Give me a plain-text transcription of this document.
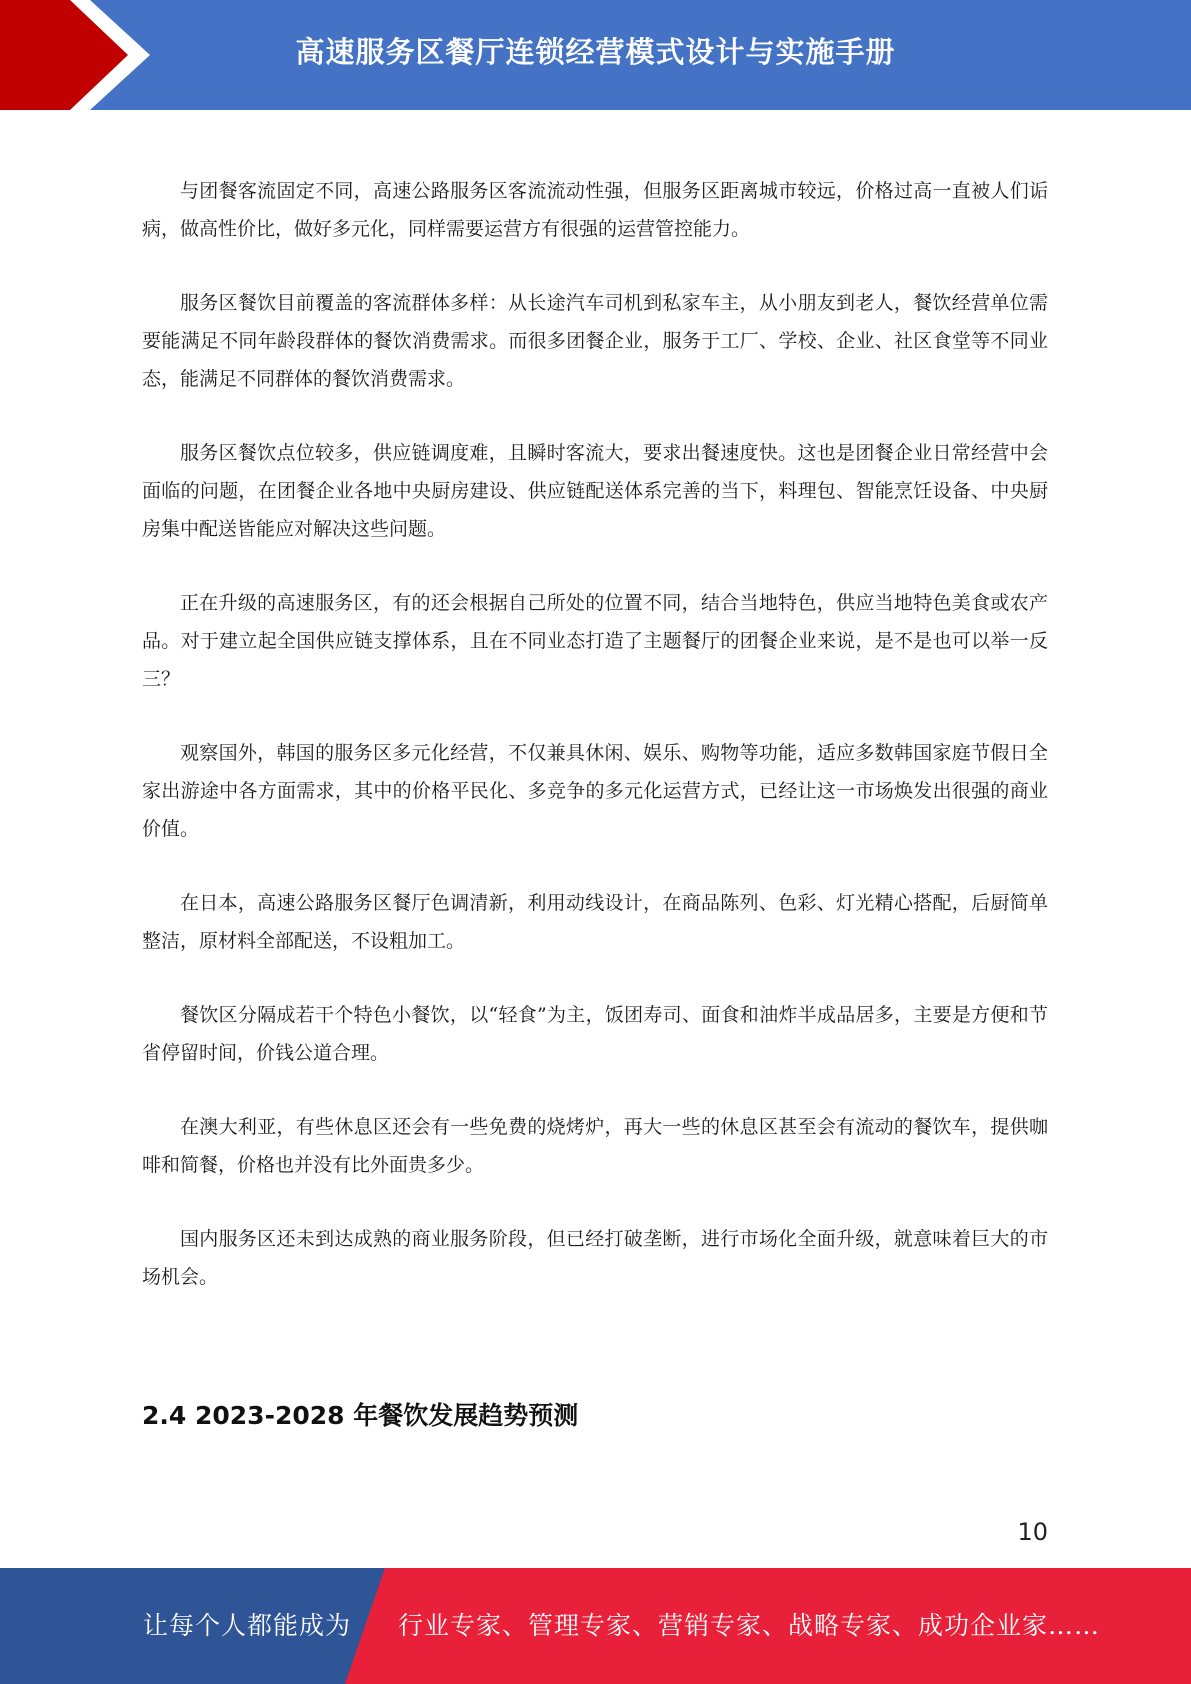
高速服务区餐厅连锁经营模式设计与实施手册

与团餐客流固定不同，高速公路服务区客流流动性强，但服务区距离城市较远，价格过高一直被人们诟病，做高性价比，做好多元化，同样需要运营方有很强的运营管控能力。

服务区餐饮目前覆盖的客流群体多样：从长途汽车司机到私家车主，从小朋友到老人，餐饮经营单位需要能满足不同年龄段群体的餐饮消费需求。而很多团餐企业，服务于工厂、学校、企业、社区食堂等不同业态，能满足不同群体的餐饮消费需求。

服务区餐饮点位较多，供应链调度难，且瞬时客流大，要求出餐速度快。这也是团餐企业日常经营中会面临的问题，在团餐企业各地中央厨房建设、供应链配送体系完善的当下，料理包、智能烹饪设备、中央厨房集中配送皆能应对解决这些问题。

正在升级的高速服务区，有的还会根据自己所处的位置不同，结合当地特色，供应当地特色美食或农产品。对于建立起全国供应链支撑体系，且在不同业态打造了主题餐厅的团餐企业来说，是不是也可以举一反三？

观察国外，韩国的服务区多元化经营，不仅兼具休闲、娱乐、购物等功能，适应多数韩国家庭节假日全家出游途中各方面需求，其中的价格平民化、多竞争的多元化运营方式，已经让这一市场焕发出很强的商业价值。

在日本，高速公路服务区餐厅色调清新，利用动线设计，在商品陈列、色彩、灯光精心搭配，后厨简单整洁，原材料全部配送，不设粗加工。

餐饮区分隔成若干个特色小餐饮，以“轻食”为主，饭团寿司、面食和油炸半成品居多，主要是方便和节省停留时间，价钱公道合理。

在澳大利亚，有些休息区还会有一些免费的烧烤炉，再大一些的休息区甚至会有流动的餐饮车，提供咖啡和简餐，价格也并没有比外面贵多少。

国内服务区还未到达成熟的商业服务阶段，但已经打破垄断，进行市场化全面升级，就意味着巨大的市场机会。

2.4 2023-2028 年餐饮发展趋势预测
10
让每个人都能成为 行业专家、管理专家、营销专家、战略专家、成功企业家……
